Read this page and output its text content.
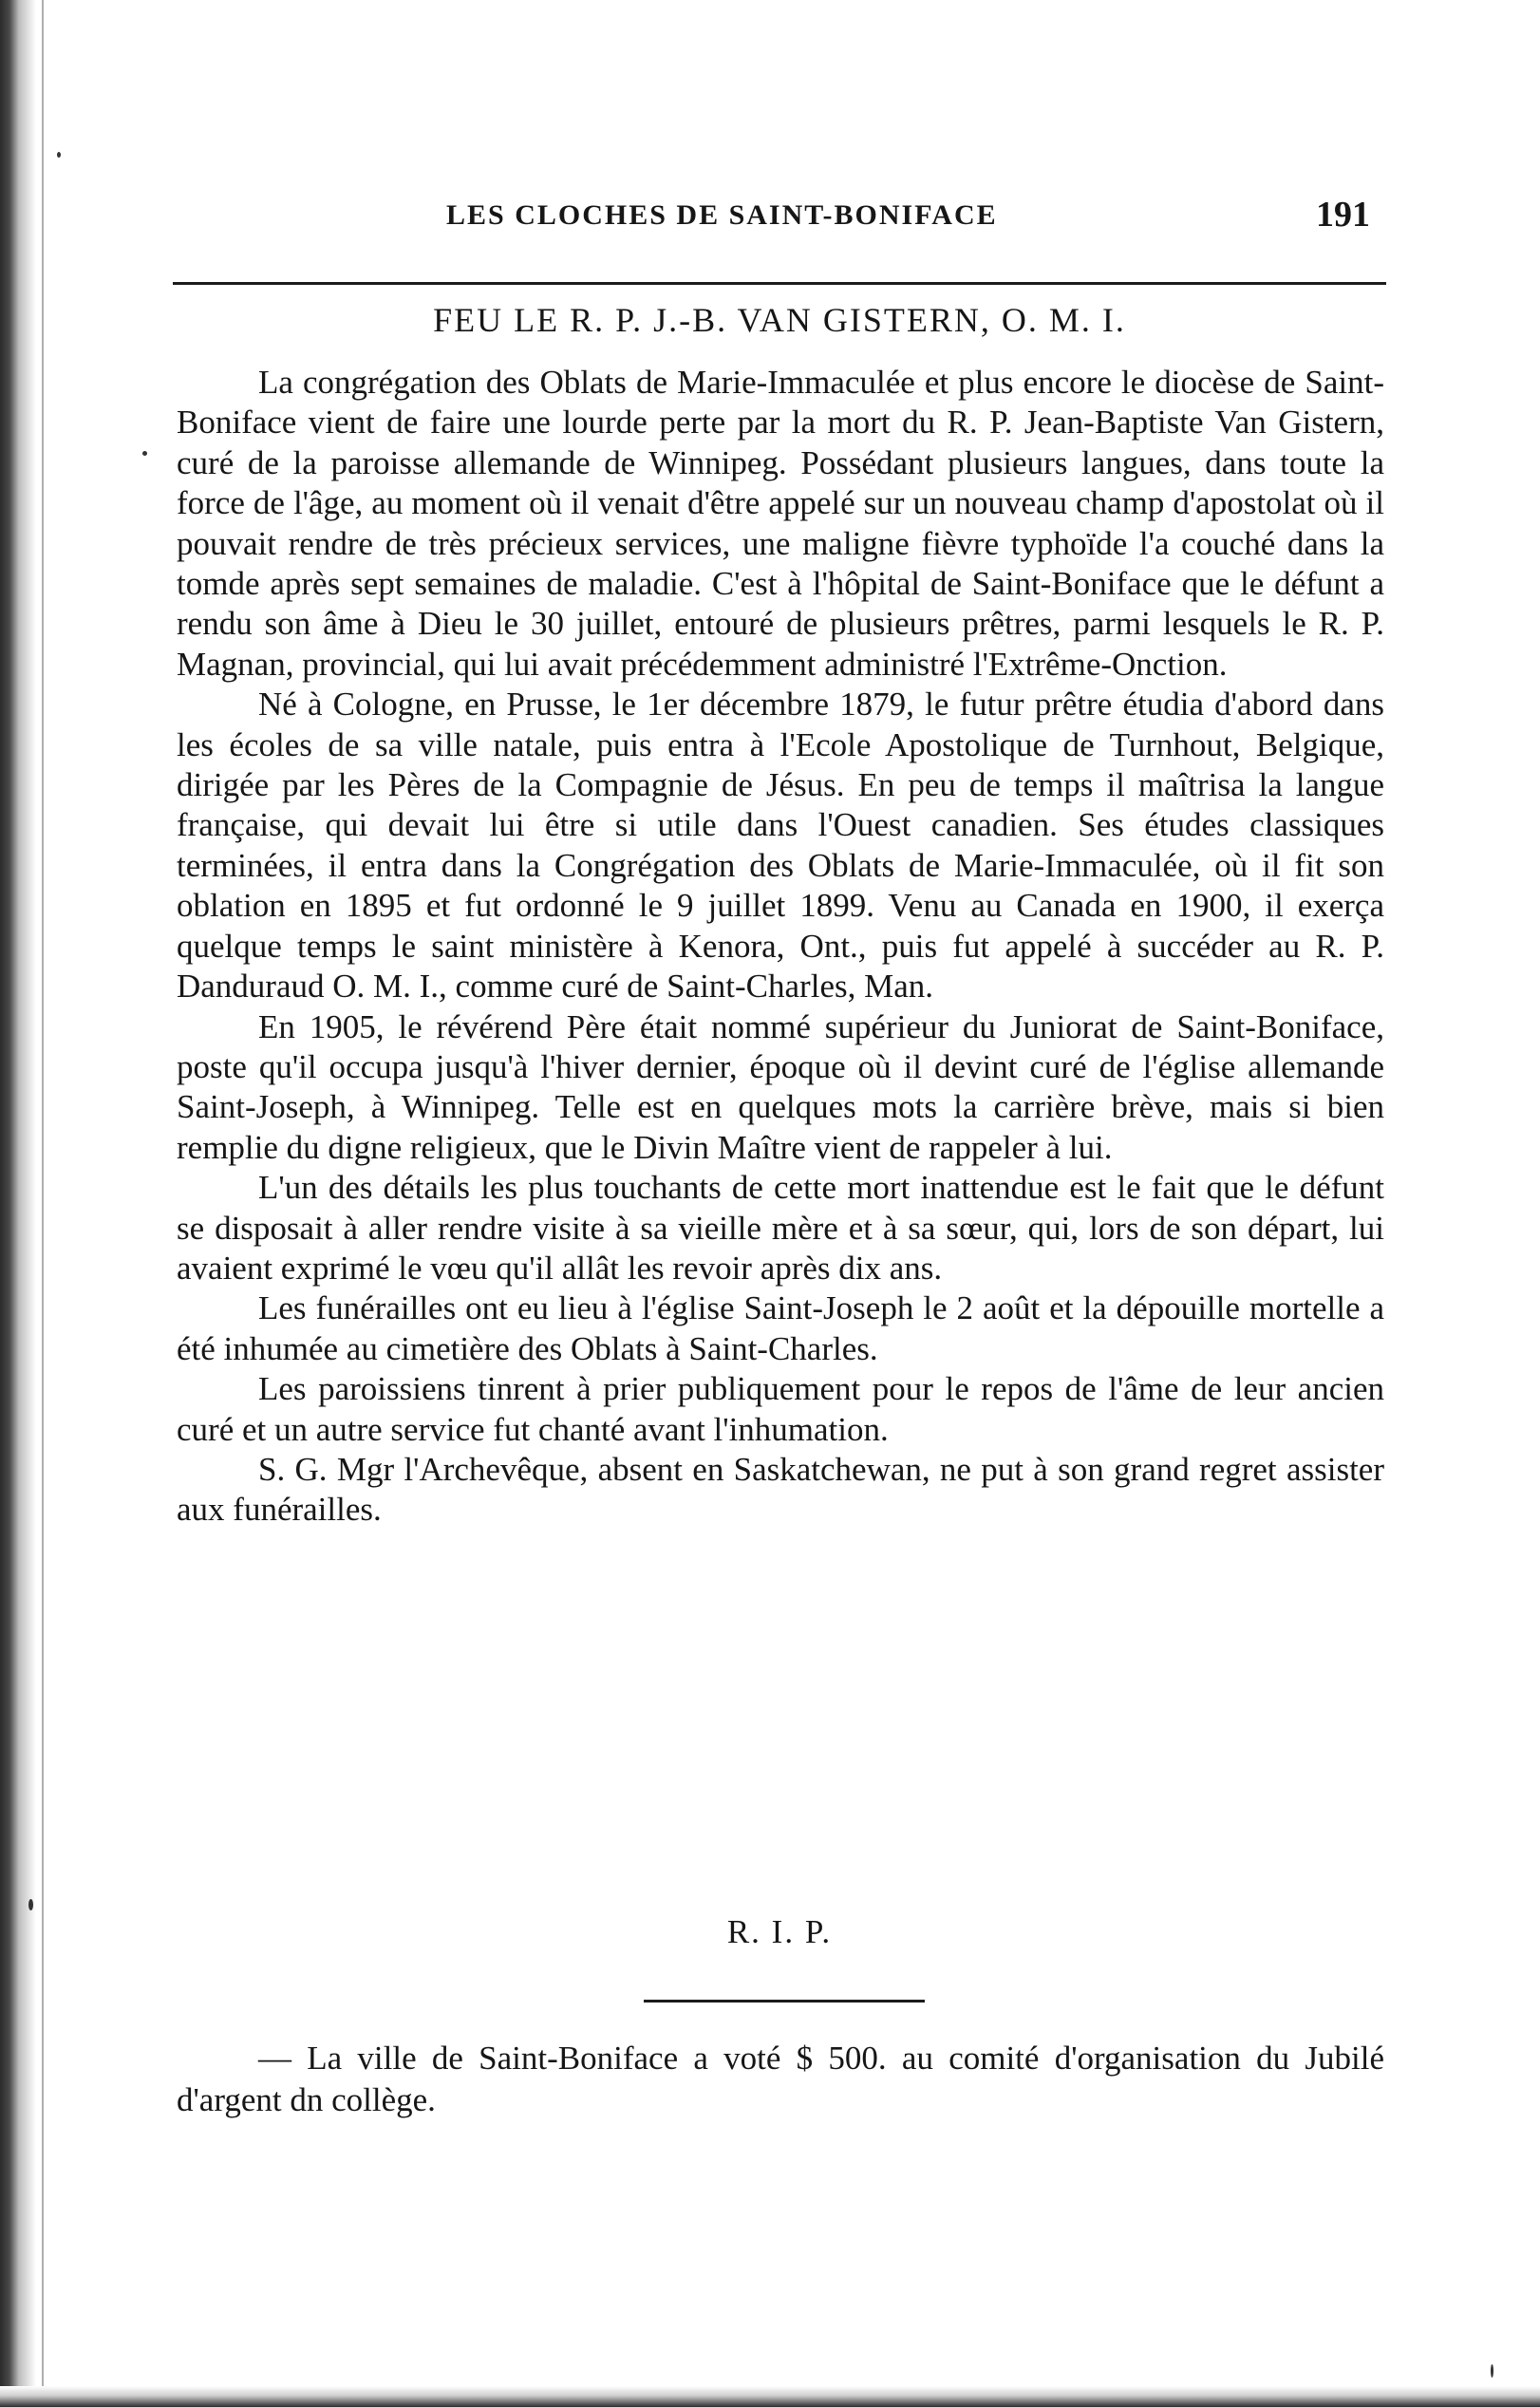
LES CLOCHES DE SAINT-BONIFACE	191
FEU LE R. P. J.-B. VAN GISTERN, O. M. I.

La congrégation des Oblats de Marie-Immaculée et plus encore le diocèse de Saint-Boniface vient de faire une lourde perte par la mort du R. P. Jean-Baptiste Van Gistern, curé de la paroisse allemande de Winnipeg. Possédant plusieurs langues, dans toute la force de l'âge, au moment où il venait d'être appelé sur un nouveau champ d'apostolat où il pouvait rendre de très précieux services, une maligne fièvre typhoïde l'a couché dans la tomde après sept semaines de maladie. C'est à l'hôpital de Saint-Boniface que le défunt a rendu son âme à Dieu le 30 juillet, entouré de plusieurs prêtres, parmi lesquels le R. P. Magnan, provincial, qui lui avait précédemment administré l'Extrême-Onction.

Né à Cologne, en Prusse, le 1er décembre 1879, le futur prêtre étudia d'abord dans les écoles de sa ville natale, puis entra à l'Ecole Apostolique de Turnhout, Belgique, dirigée par les Pères de la Compagnie de Jésus. En peu de temps il maîtrisa la langue française, qui devait lui être si utile dans l'Ouest canadien. Ses études classiques terminées, il entra dans la Congrégation des Oblats de Marie-Immaculée, où il fit son oblation en 1895 et fut ordonné le 9 juillet 1899. Venu au Canada en 1900, il exerça quelque temps le saint ministère à Kenora, Ont., puis fut appelé à succéder au R. P. Danduraud O. M. I., comme curé de Saint-Charles, Man.

En 1905, le révérend Père était nommé supérieur du Juniorat de Saint-Boniface, poste qu'il occupa jusqu'à l'hiver dernier, époque où il devint curé de l'église allemande Saint-Joseph, à Winnipeg. Telle est en quelques mots la carrière brève, mais si bien remplie du digne religieux, que le Divin Maître vient de rappeler à lui.

L'un des détails les plus touchants de cette mort inattendue est le fait que le défunt se disposait à aller rendre visite à sa vieille mère et à sa sœur, qui, lors de son départ, lui avaient exprimé le vœu qu'il allât les revoir après dix ans.

Les funérailles ont eu lieu à l'église Saint-Joseph le 2 août et la dépouille mortelle a été inhumée au cimetière des Oblats à Saint-Charles.

Les paroissiens tinrent à prier publiquement pour le repos de l'âme de leur ancien curé et un autre service fut chanté avant l'inhumation.

S. G. Mgr l'Archevêque, absent en Saskatchewan, ne put à son grand regret assister aux funérailles.

R. I. P.

— La ville de Saint-Boniface a voté $ 500. au comité d'organisation du Jubilé d'argent dn collège.
